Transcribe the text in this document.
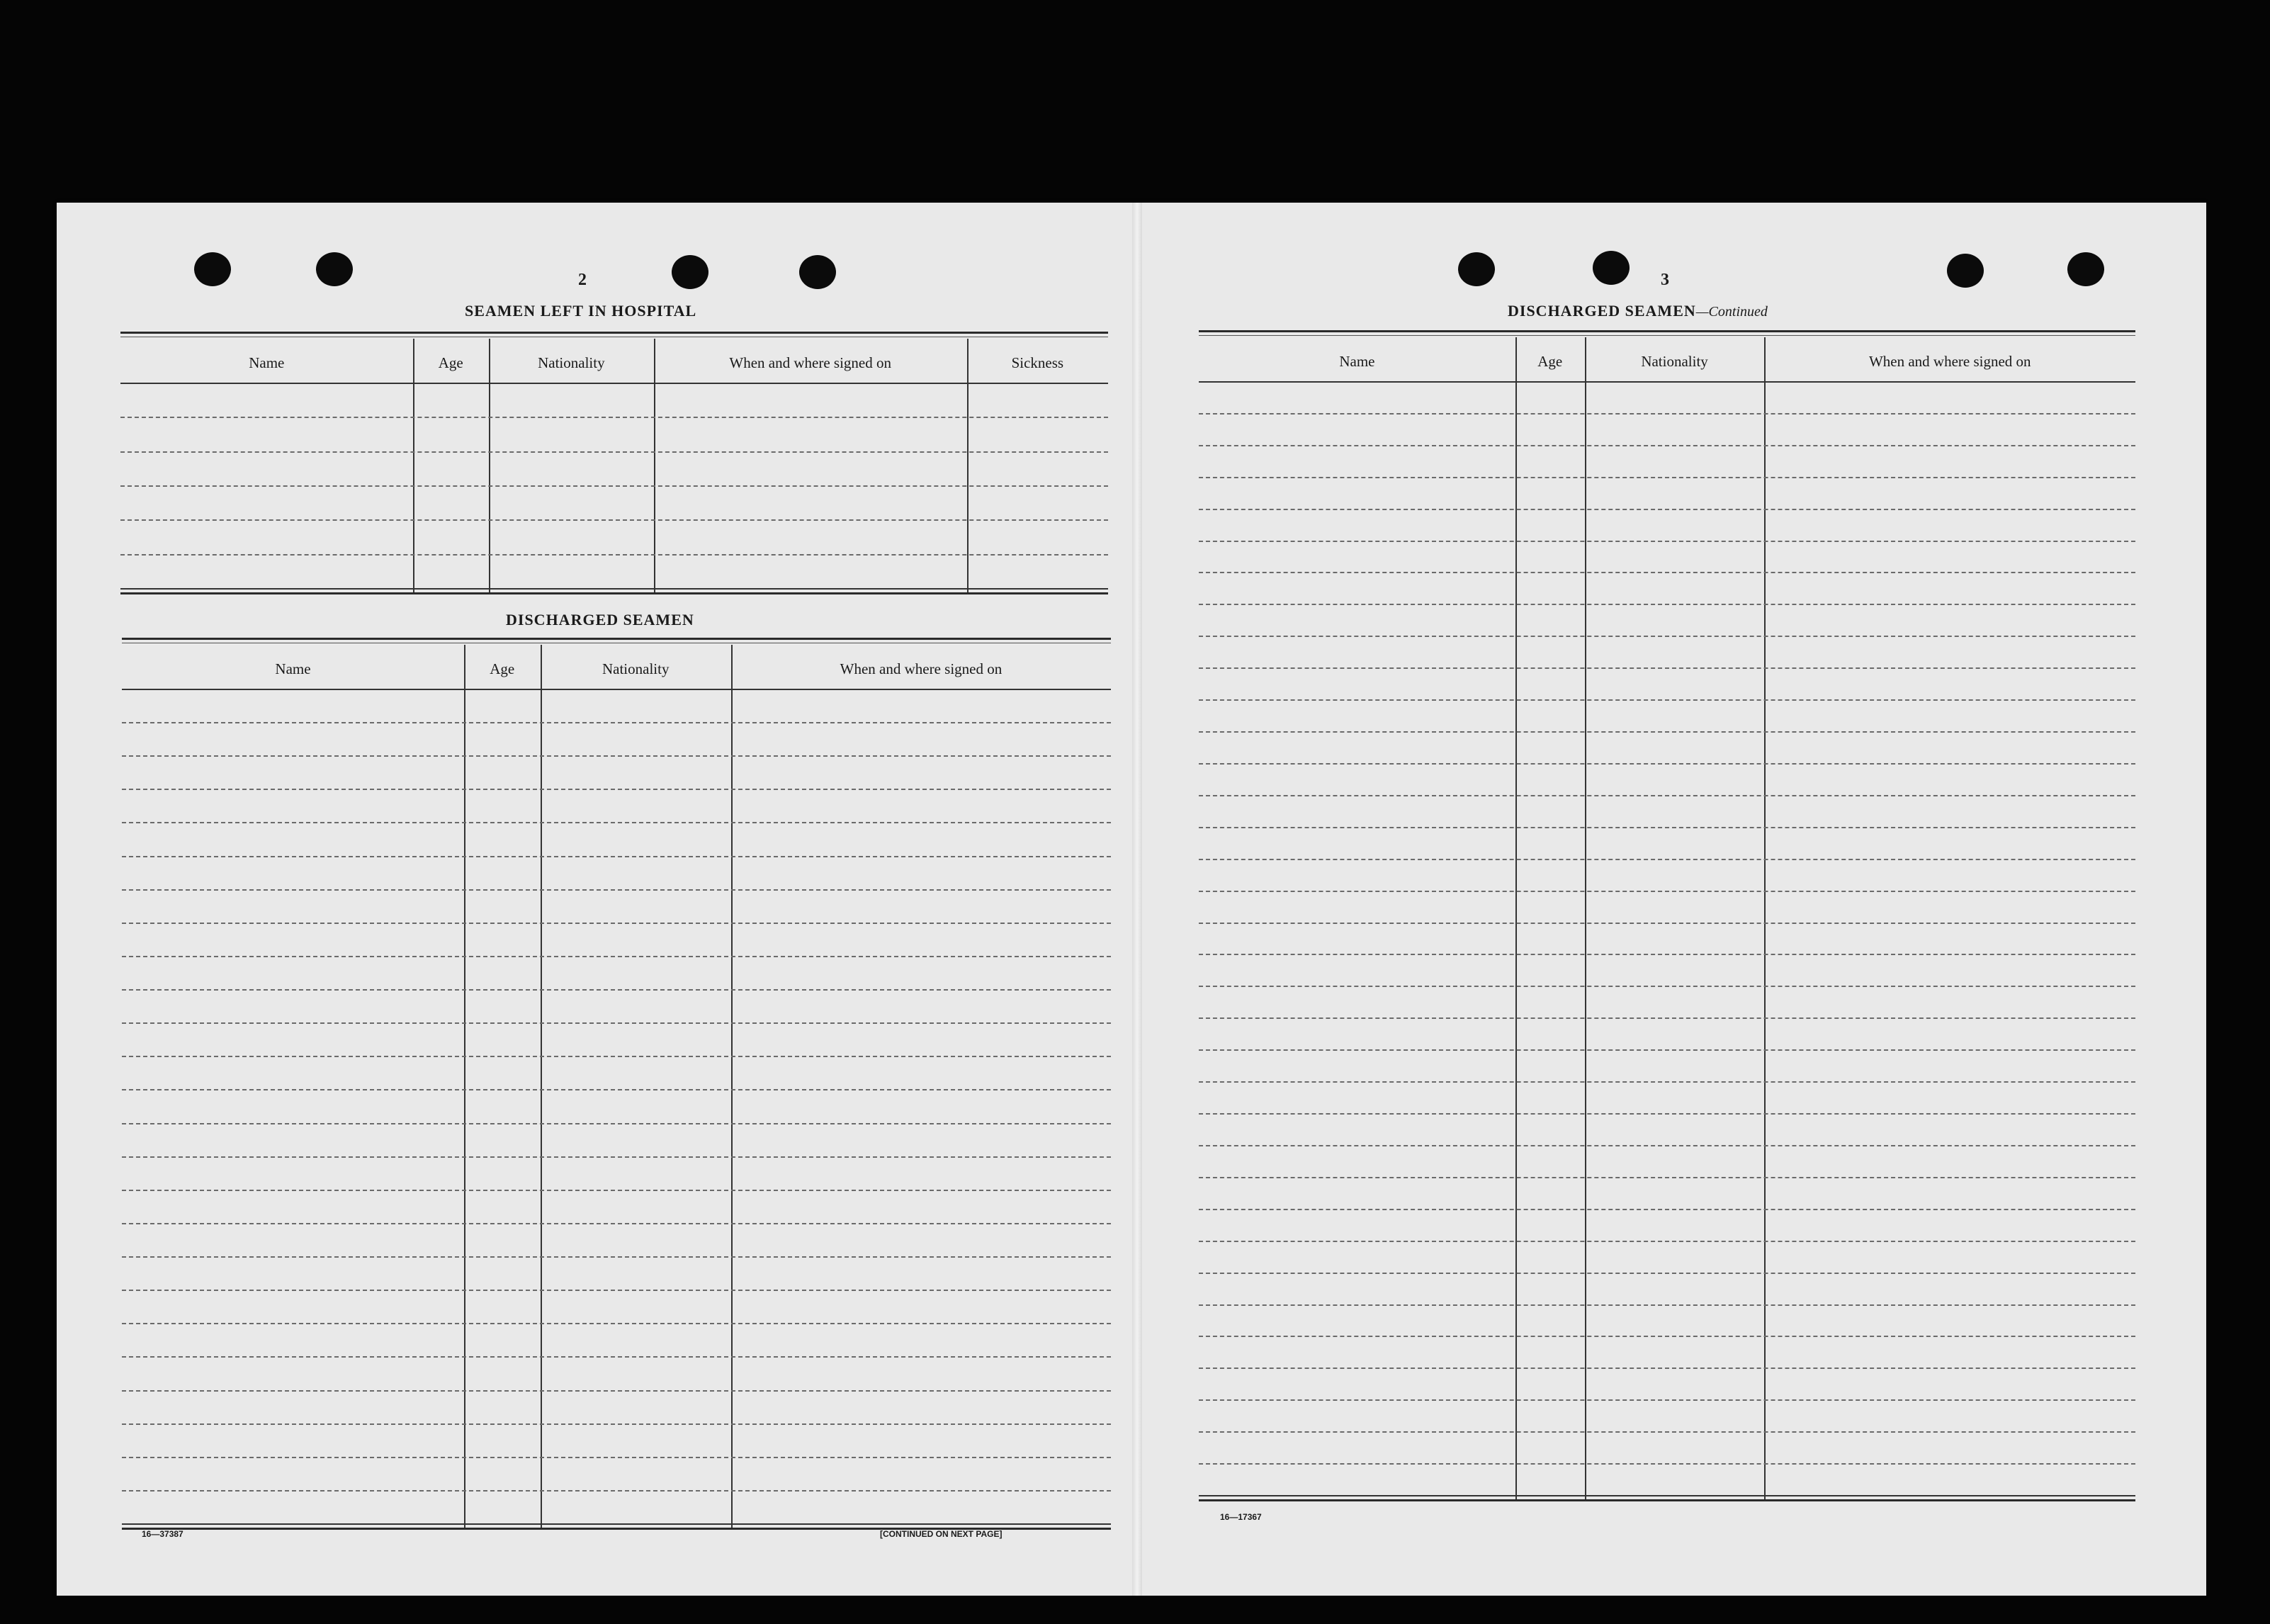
2
SEAMEN LEFT IN HOSPITAL
Name	Age	Nationality	When and where signed on	Sickness
DISCHARGED SEAMEN
Name	Age	Nationality	When and where signed on
16—37387	[CONTINUED ON NEXT PAGE]
3
DISCHARGED SEAMEN—Continued
Name	Age	Nationality	When and where signed on
16—17367
